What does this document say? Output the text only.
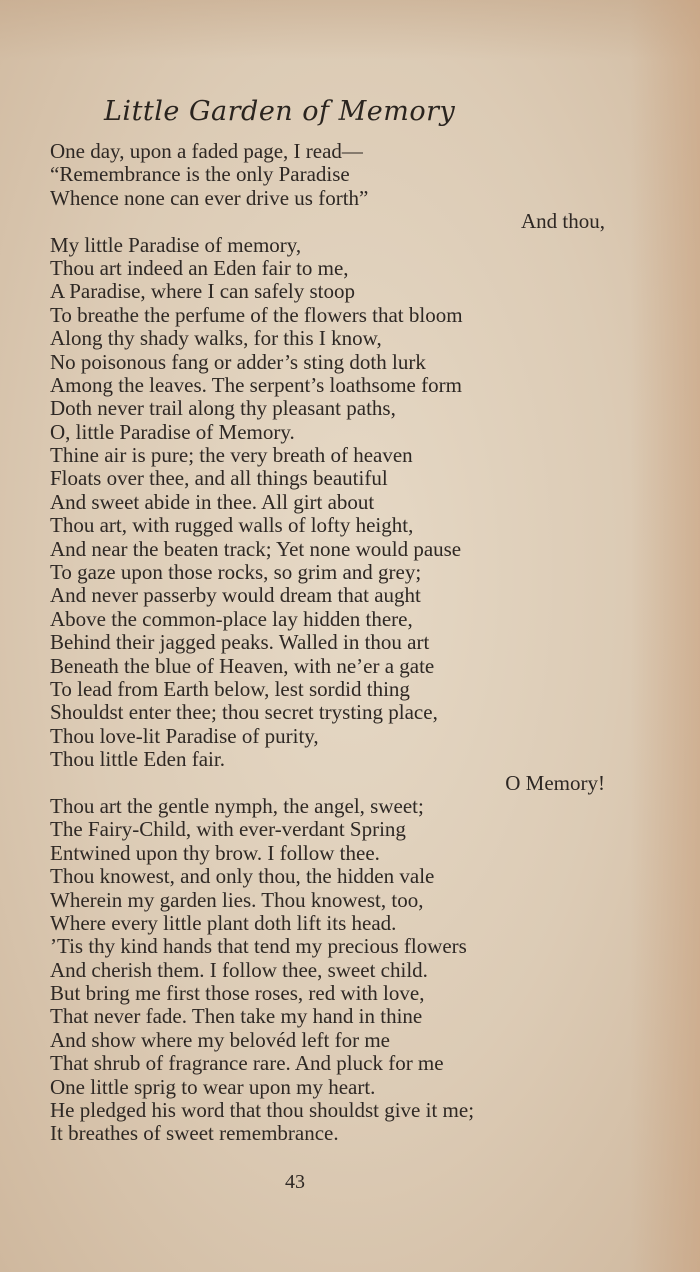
Little Garden of Memory
One day, upon a faded page, I read—
“Remembrance is the only Paradise
Whence none can ever drive us forth”
And thou,
My little Paradise of memory,
Thou art indeed an Eden fair to me,
A Paradise, where I can safely stoop
To breathe the perfume of the flowers that bloom
Along thy shady walks, for this I know,
No poisonous fang or adder’s sting doth lurk
Among the leaves. The serpent’s loathsome form
Doth never trail along thy pleasant paths,
O, little Paradise of Memory.
Thine air is pure; the very breath of heaven
Floats over thee, and all things beautiful
And sweet abide in thee. All girt about
Thou art, with rugged walls of lofty height,
And near the beaten track; Yet none would pause
To gaze upon those rocks, so grim and grey;
And never passerby would dream that aught
Above the common-place lay hidden there,
Behind their jagged peaks. Walled in thou art
Beneath the blue of Heaven, with ne’er a gate
To lead from Earth below, lest sordid thing
Shouldst enter thee; thou secret trysting place,
Thou love-lit Paradise of purity,
Thou little Eden fair.
O Memory!
Thou art the gentle nymph, the angel, sweet;
The Fairy-Child, with ever-verdant Spring
Entwined upon thy brow. I follow thee.
Thou knowest, and only thou, the hidden vale
Wherein my garden lies. Thou knowest, too,
Where every little plant doth lift its head.
’Tis thy kind hands that tend my precious flowers
And cherish them. I follow thee, sweet child.
But bring me first those roses, red with love,
That never fade. Then take my hand in thine
And show where my belovéd left for me
That shrub of fragrance rare. And pluck for me
One little sprig to wear upon my heart.
He pledged his word that thou shouldst give it me;
It breathes of sweet remembrance.

43
